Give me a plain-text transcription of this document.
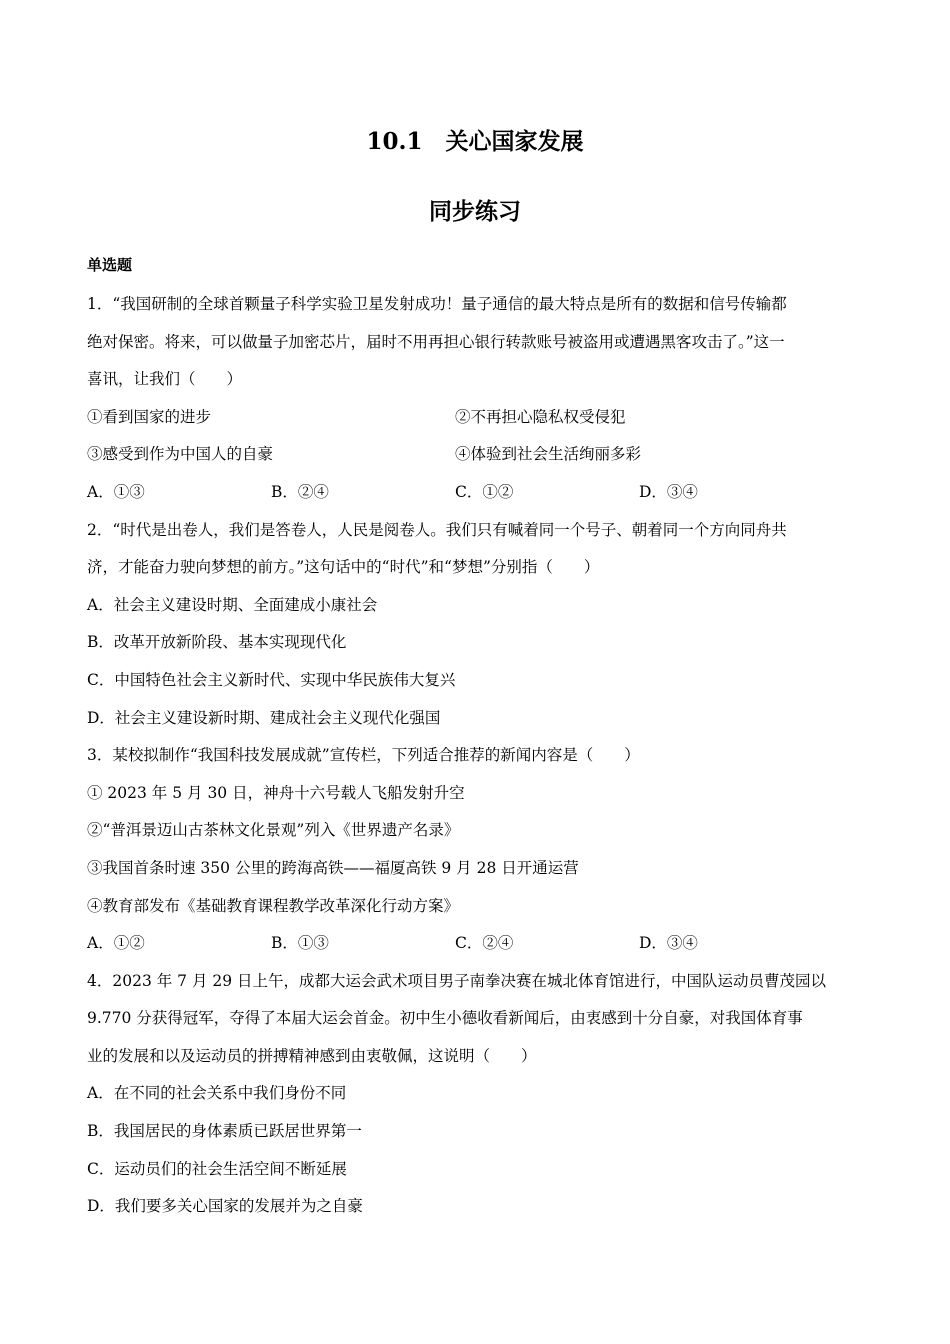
10.1　关心国家发展
同步练习
单选题
1．“我国研制的全球首颗量子科学实验卫星发射成功！量子通信的最大特点是所有的数据和信号传输都
绝对保密。将来，可以做量子加密芯片，届时不用再担心银行转款账号被盗用或遭遇黑客攻击了。”这一
喜讯，让我们（　　）
①看到国家的进步	②不再担心隐私权受侵犯
③感受到作为中国人的自豪	④体验到社会生活绚丽多彩
A．①③	B．②④	C．①②	D．③④
2．“时代是出卷人，我们是答卷人，人民是阅卷人。我们只有喊着同一个号子、朝着同一个方向同舟共
济，才能奋力驶向梦想的前方。”这句话中的“时代”和“梦想”分别指（　　）
A．社会主义建设时期、全面建成小康社会
B．改革开放新阶段、基本实现现代化
C．中国特色社会主义新时代、实现中华民族伟大复兴
D．社会主义建设新时期、建成社会主义现代化强国
3．某校拟制作“我国科技发展成就”宣传栏，下列适合推荐的新闻内容是（　　）
① 2023 年 5 月 30 日，神舟十六号载人飞船发射升空
②“普洱景迈山古茶林文化景观”列入《世界遗产名录》
③我国首条时速 350 公里的跨海高铁——福厦高铁 9 月 28 日开通运营
④教育部发布《基础教育课程教学改革深化行动方案》
A．①②	B．①③	C．②④	D．③④
4．2023 年 7 月 29 日上午，成都大运会武术项目男子南拳决赛在城北体育馆进行，中国队运动员曹茂园以
9.770 分获得冠军，夺得了本届大运会首金。初中生小德收看新闻后，由衷感到十分自豪，对我国体育事
业的发展和以及运动员的拼搏精神感到由衷敬佩，这说明（　　）
A．在不同的社会关系中我们身份不同
B．我国居民的身体素质已跃居世界第一
C．运动员们的社会生活空间不断延展
D．我们要多关心国家的发展并为之自豪
